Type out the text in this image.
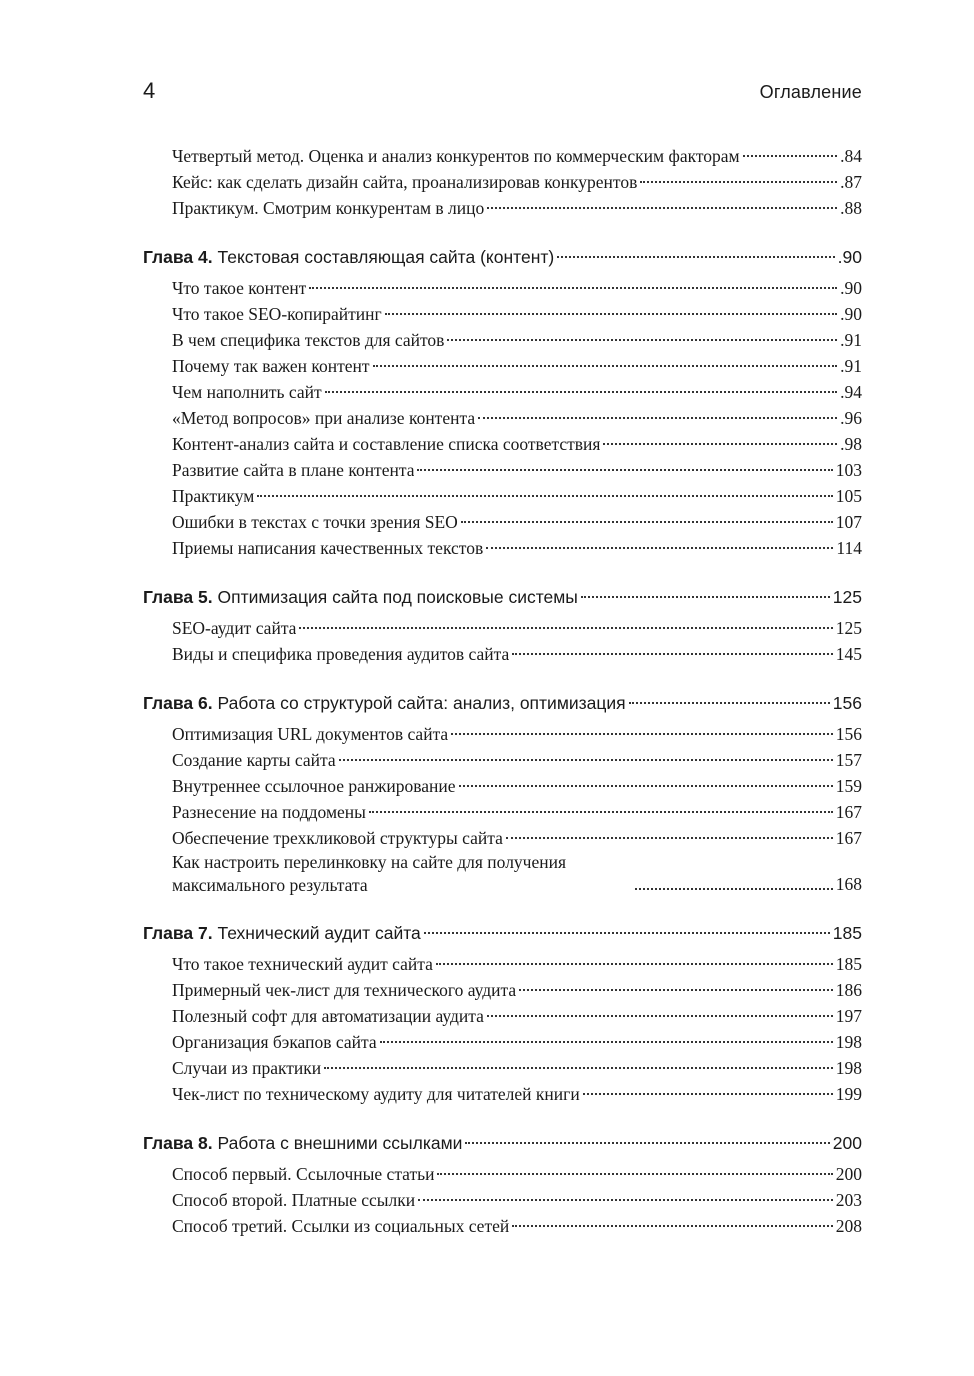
4	Оглавление
Четвертый метод. Оценка и анализ конкурентов по коммерческим факторам	.84
Кейс: как сделать дизайн сайта, проанализировав конкурентов	.87
Практикум. Смотрим конкурентам в лицо	.88
Глава 4. Текстовая составляющая сайта (контент)	.90
Что такое контент	.90
Что такое SEO-копирайтинг	.90
В чем специфика текстов для сайтов	.91
Почему так важен контент	.91
Чем наполнить сайт	.94
«Метод вопросов» при анализе контента	.96
Контент-анализ сайта и составление списка соответствия	.98
Развитие сайта в плане контента	103
Практикум	105
Ошибки в текстах с точки зрения SEO	107
Приемы написания качественных текстов	114
Глава 5. Оптимизация сайта под поисковые системы	125
SEO-аудит сайта	125
Виды и специфика проведения аудитов сайта	145
Глава 6. Работа со структурой сайта: анализ, оптимизация	156
Оптимизация URL документов сайта	156
Создание карты сайта	157
Внутреннее ссылочное ранжирование	159
Разнесение на поддомены	167
Обеспечение трехкликовой структуры сайта	167
Как настроить перелинковку на сайте для получения максимального результата	168
Глава 7. Технический аудит сайта	185
Что такое технический аудит сайта	185
Примерный чек-лист для технического аудита	186
Полезный софт для автоматизации аудита	197
Организация бэкапов сайта	198
Случаи из практики	198
Чек-лист по техническому аудиту для читателей книги	199
Глава 8. Работа с внешними ссылками	200
Способ первый. Ссылочные статьи	200
Способ второй. Платные ссылки	203
Способ третий. Ссылки из социальных сетей	208
